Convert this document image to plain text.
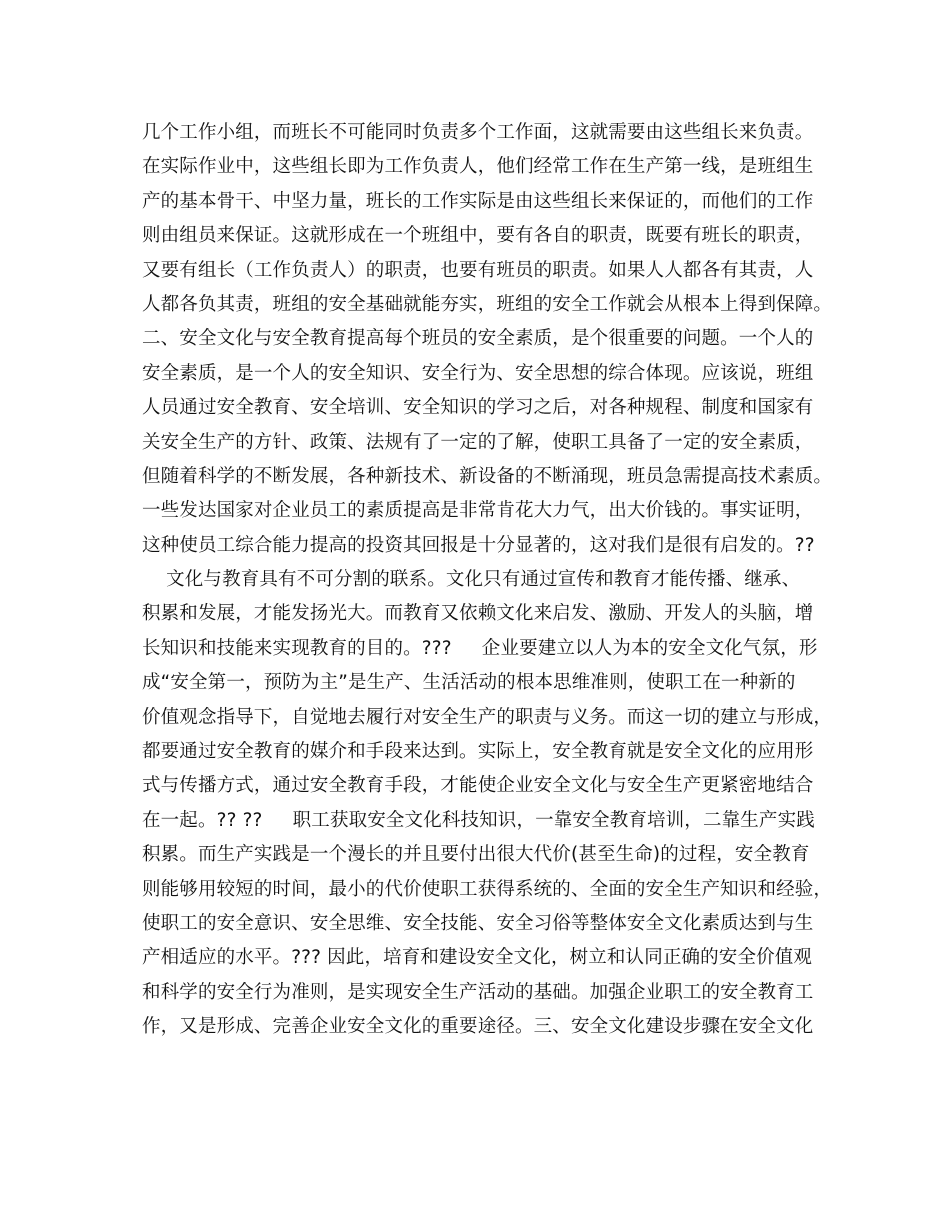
几个工作小组，而班长不可能同时负责多个工作面，这就需要由这些组长来负责。
在实际作业中，这些组长即为工作负责人，他们经常工作在生产第一线，是班组生
产的基本骨干、中坚力量，班长的工作实际是由这些组长来保证的，而他们的工作
则由组员来保证。这就形成在一个班组中，要有各自的职责，既要有班长的职责，
又要有组长（工作负责人）的职责，也要有班员的职责。如果人人都各有其责，人
人都各负其责，班组的安全基础就能夯实，班组的安全工作就会从根本上得到保障。
二、安全文化与安全教育提高每个班员的安全素质，是个很重要的问题。一个人的
安全素质，是一个人的安全知识、安全行为、安全思想的综合体现。应该说，班组
人员通过安全教育、安全培训、安全知识的学习之后，对各种规程、制度和国家有
关安全生产的方针、政策、法规有了一定的了解，使职工具备了一定的安全素质，
但随着科学的不断发展，各种新技术、新设备的不断涌现，班员急需提高技术素质。
一些发达国家对企业员工的素质提高是非常肯花大力气，出大价钱的。事实证明，
这种使员工综合能力提高的投资其回报是十分显著的，这对我们是很有启发的。??
文化与教育具有不可分割的联系。文化只有通过宣传和教育才能传播、继承、
积累和发展，才能发扬光大。而教育又依赖文化来启发、激励、开发人的头脑，增
长知识和技能来实现教育的目的。???     企业要建立以人为本的安全文化气氛，形
成“安全第一，预防为主”是生产、生活活动的根本思维准则，使职工在一种新的
价值观念指导下，自觉地去履行对安全生产的职责与义务。而这一切的建立与形成，
都要通过安全教育的媒介和手段来达到。实际上，安全教育就是安全文化的应用形
式与传播方式，通过安全教育手段，才能使企业安全文化与安全生产更紧密地结合
在一起。?? ??     职工获取安全文化科技知识，一靠安全教育培训，二靠生产实践
积累。而生产实践是一个漫长的并且要付出很大代价(甚至生命)的过程，安全教育
则能够用较短的时间，最小的代价使职工获得系统的、全面的安全生产知识和经验，
使职工的安全意识、安全思维、安全技能、安全习俗等整体安全文化素质达到与生
产相适应的水平。??? 因此，培育和建设安全文化，树立和认同正确的安全价值观
和科学的安全行为准则，是实现安全生产活动的基础。加强企业职工的安全教育工
作，又是形成、完善企业安全文化的重要途径。三、安全文化建设步骤在安全文化
